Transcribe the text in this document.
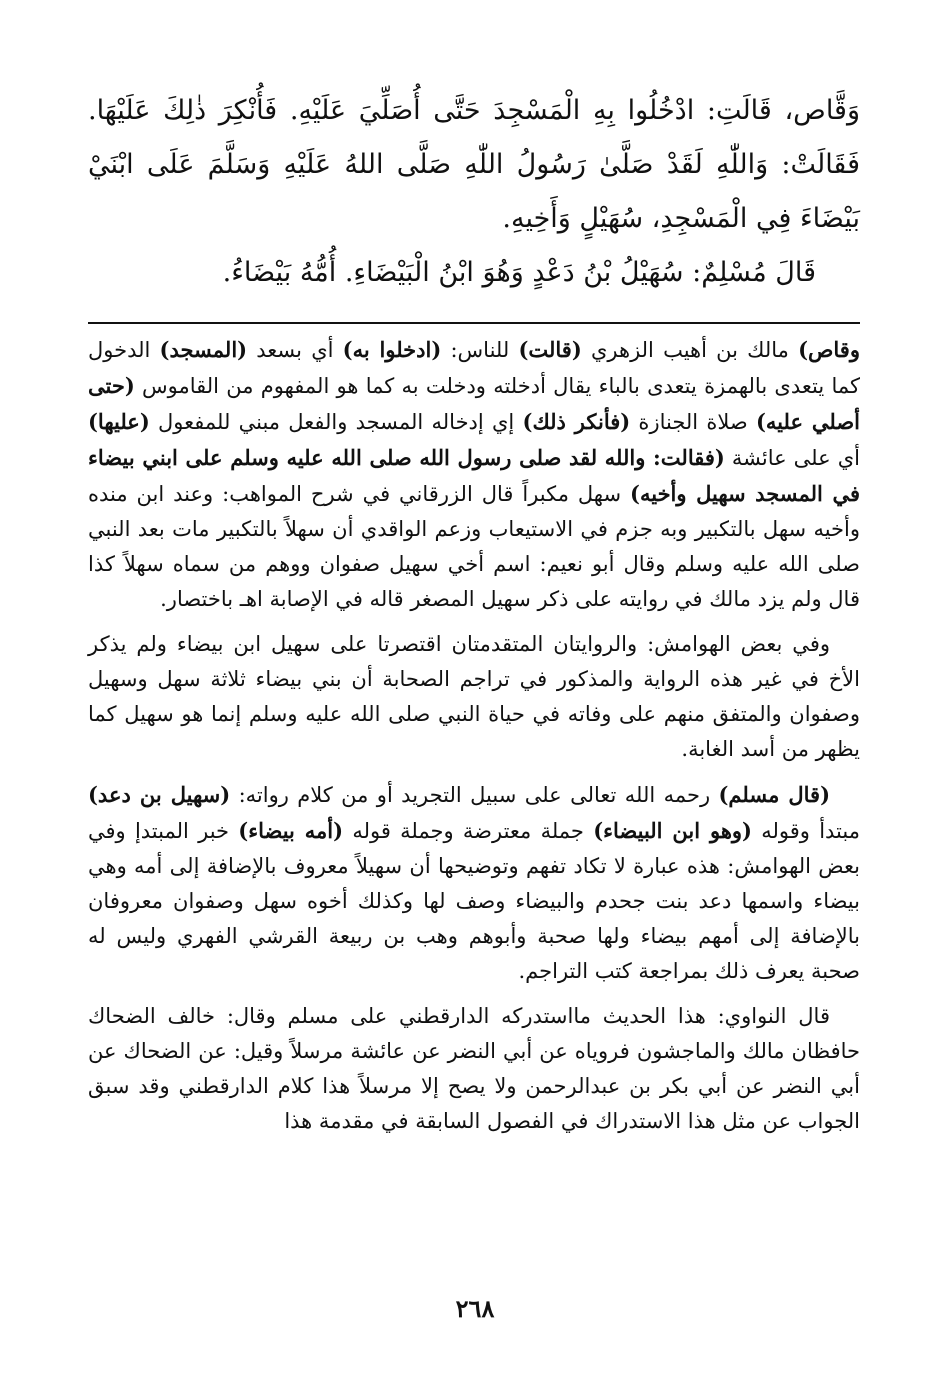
وَقَّاص، قَالَتِ: ادْخُلُوا بِهِ الْمَسْجِدَ حَتَّى أُصَلِّيَ عَلَيْهِ. فَأُنْكِرَ ذٰلِكَ عَلَيْهَا. فَقَالَتْ: وَاللّٰهِ لَقَدْ صَلَّىٰ رَسُولُ اللّٰهِ صَلَّى اللهُ عَلَيْهِ وَسَلَّمَ عَلَى ابْنَيْ بَيْضَاءَ فِي الْمَسْجِدِ، سُهَيْلٍ وَأَخِيهِ.

قَالَ مُسْلِمٌ: سُهَيْلُ بْنُ دَعْدٍ وَهُوَ ابْنُ الْبَيْضَاءِ. أُمُّهُ بَيْضَاءُ.

وقاص) مالك بن أهيب الزهري (قالت) للناس: (ادخلوا به) أي بسعد (المسجد) الدخول كما يتعدى بالهمزة يتعدى بالباء يقال أدخلته ودخلت به كما هو المفهوم من القاموس (حتى أصلي عليه) صلاة الجنازة (فأنكر ذلك) إي إدخاله المسجد والفعل مبني للمفعول (عليها) أي على عائشة (فقالت: والله لقد صلى رسول الله صلى الله عليه وسلم على ابني بيضاء في المسجد سهيل وأخيه) سهل مكبراً قال الزرقاني في شرح المواهب: وعند ابن منده وأخيه سهل بالتكبير وبه جزم في الاستيعاب وزعم الواقدي أن سهلاً بالتكبير مات بعد النبي صلى الله عليه وسلم وقال أبو نعيم: اسم أخي سهيل صفوان ووهم من سماه سهلاً كذا قال ولم يزد مالك في روايته على ذكر سهيل المصغر قاله في الإصابة اهـ باختصار.

وفي بعض الهوامش: والروايتان المتقدمتان اقتصرتا على سهيل ابن بيضاء ولم يذكر الأخ في غير هذه الرواية والمذكور في تراجم الصحابة أن بني بيضاء ثلاثة سهل وسهيل وصفوان والمتفق منهم على وفاته في حياة النبي صلى الله عليه وسلم إنما هو سهيل كما يظهر من أسد الغابة.

(قال مسلم) رحمه الله تعالى على سبيل التجريد أو من كلام رواته: (سهيل بن دعد) مبتدأ وقوله (وهو ابن البيضاء) جملة معترضة وجملة قوله (أمه بيضاء) خبر المبتدإ وفي بعض الهوامش: هذه عبارة لا تكاد تفهم وتوضيحها أن سهيلاً معروف بالإضافة إلى أمه وهي بيضاء واسمها دعد بنت جحدم والبيضاء وصف لها وكذلك أخوه سهل وصفوان معروفان بالإضافة إلى أمهم بيضاء ولها صحبة وأبوهم وهب بن ربيعة القرشي الفهري وليس له صحبة يعرف ذلك بمراجعة كتب التراجم.

قال النواوي: هذا الحديث مااستدركه الدارقطني على مسلم وقال: خالف الضحاك حافظان مالك والماجشون فروياه عن أبي النضر عن عائشة مرسلاً وقيل: عن الضحاك عن أبي النضر عن أبي بكر بن عبدالرحمن ولا يصح إلا مرسلاً هذا كلام الدارقطني وقد سبق الجواب عن مثل هذا الاستدراك في الفصول السابقة في مقدمة هذا

٢٦٨
